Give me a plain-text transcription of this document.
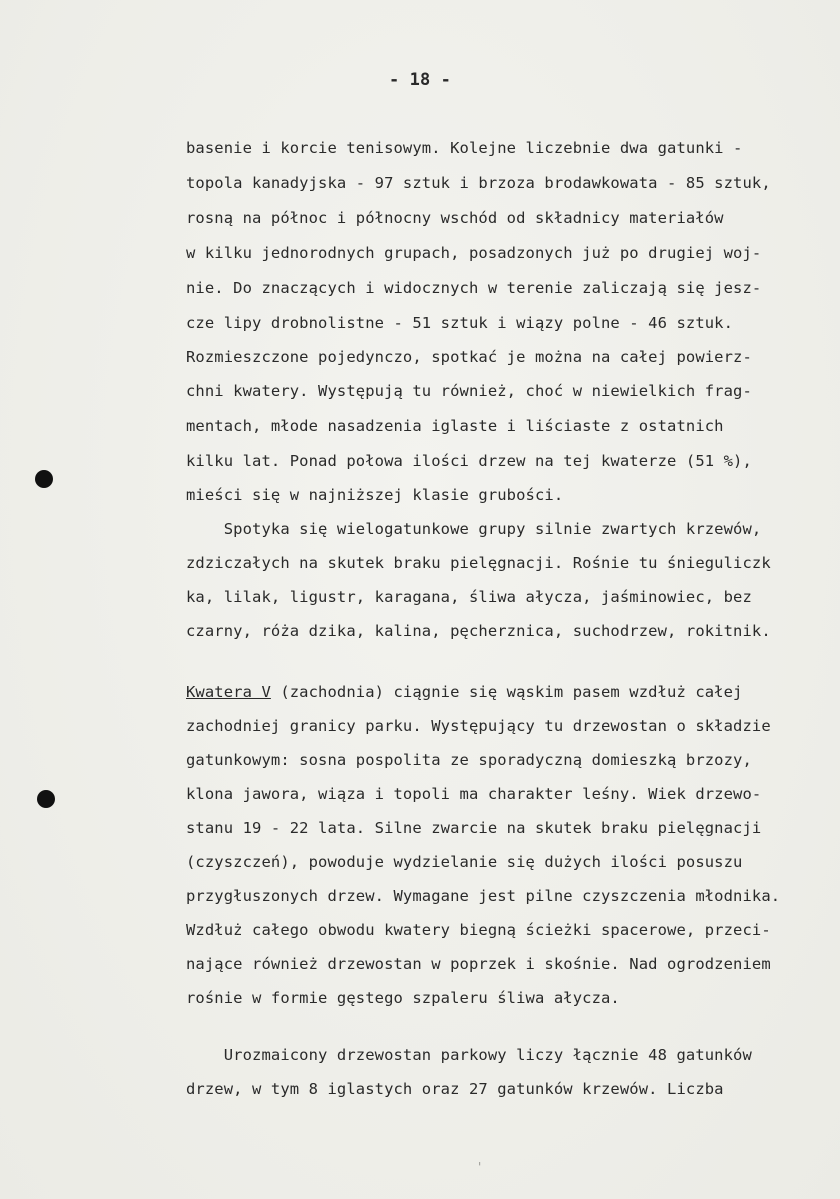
- 18 -
basenie i korcie tenisowym. Kolejne liczebnie dwa gatunki -
topola kanadyjska - 97 sztuk i brzoza brodawkowata - 85 sztuk,
rosną na północ i północny wschód od składnicy materiałów
w kilku jednorodnych grupach, posadzonych już po drugiej woj-
nie. Do znaczących i widocznych w terenie zaliczają się jesz-
cze lipy drobnolistne - 51 sztuk i wiązy polne - 46 sztuk.
Rozmieszczone pojedynczo, spotkać je można na całej powierz-
chni kwatery. Występują tu również, choć w niewielkich frag-
mentach, młode nasadzenia iglaste i liściaste z ostatnich
kilku lat. Ponad połowa ilości drzew na tej kwaterze (51 %),
mieści się w najniższej klasie grubości.
Spotyka się wielogatunkowe grupy silnie zwartych krzewów,
zdziczałych na skutek braku pielęgnacji. Rośnie tu śnieguliczk
ka, lilak, ligustr, karagana, śliwa ałycza, jaśminowiec, bez
czarny, róża dzika, kalina, pęcherznica, suchodrzew, rokitnik.
Kwatera V (zachodnia) ciągnie się wąskim pasem wzdłuż całej
zachodniej granicy parku. Występujący tu drzewostan o składzie
gatunkowym: sosna pospolita ze sporadyczną domieszką brzozy,
klona jawora, wiąza i topoli ma charakter leśny. Wiek drzewo-
stanu 19 - 22 lata. Silne zwarcie na skutek braku pielęgnacji
(czyszczeń), powoduje wydzielanie się dużych ilości posuszu
przygłuszonych drzew. Wymagane jest pilne czyszczenia młodnika.
Wzdłuż całego obwodu kwatery biegną ścieżki spacerowe, przeci-
nające również drzewostan w poprzek i skośnie. Nad ogrodzeniem
rośnie w formie gęstego szpaleru śliwa ałycza.
Urozmaicony drzewostan parkowy liczy łącznie 48 gatunków
drzew, w tym 8 iglastych oraz 27 gatunków krzewów. Liczba
'
